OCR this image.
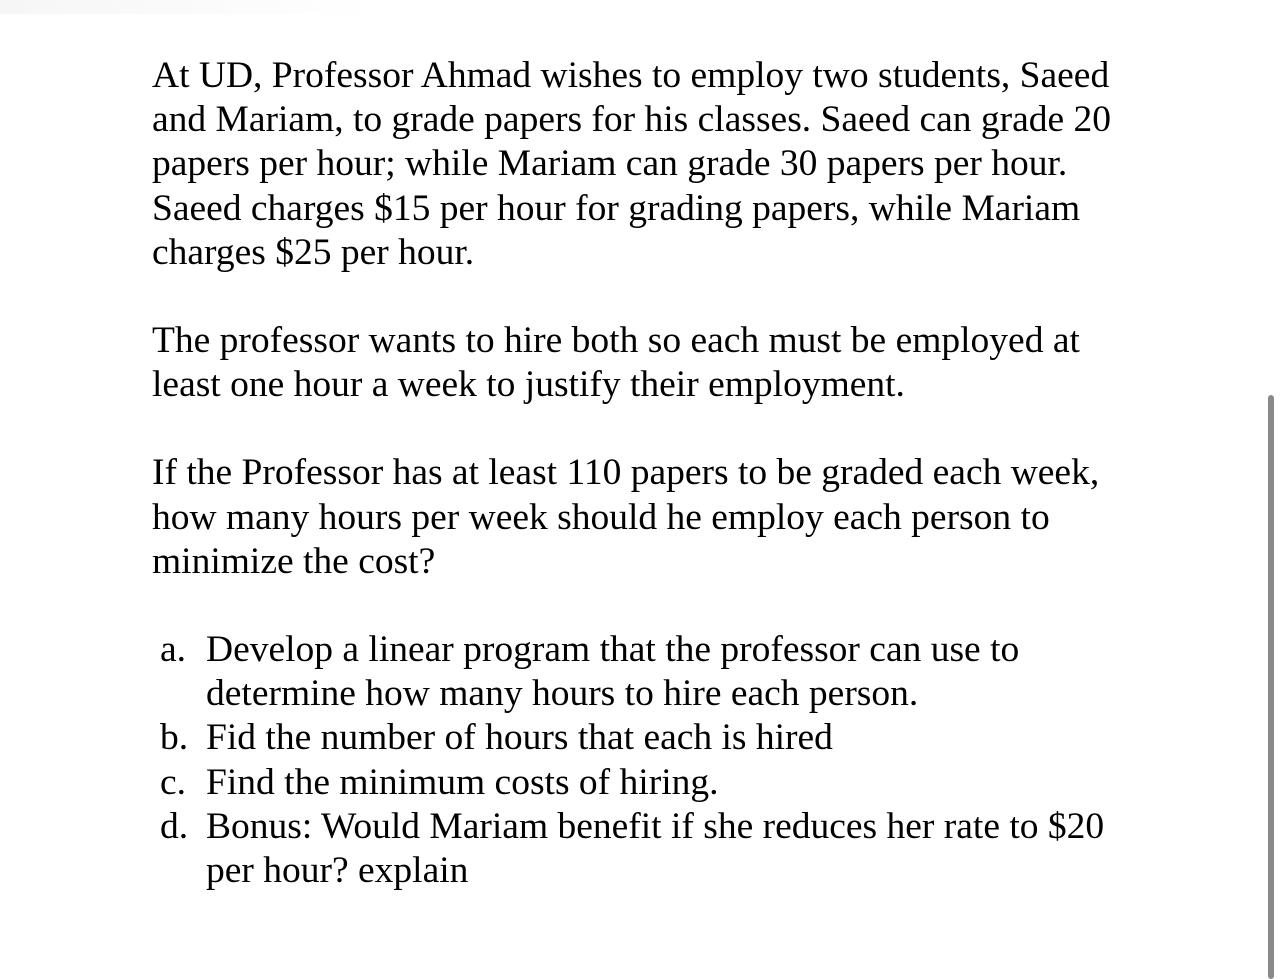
At UD, Professor Ahmad wishes to employ two students, Saeed
and Mariam, to grade papers for his classes. Saeed can grade 20
papers per hour; while Mariam can grade 30 papers per hour.
Saeed charges $15 per hour for grading papers, while Mariam
charges $25 per hour.

The professor wants to hire both so each must be employed at
least one hour a week to justify their employment.

If the Professor has at least 110 papers to be graded each week,
how many hours per week should he employ each person to
minimize the cost?

a. Develop a linear program that the professor can use to
determine how many hours to hire each person.
b. Fid the number of hours that each is hired
c. Find the minimum costs of hiring.
d. Bonus: Would Mariam benefit if she reduces her rate to $20
per hour? explain
